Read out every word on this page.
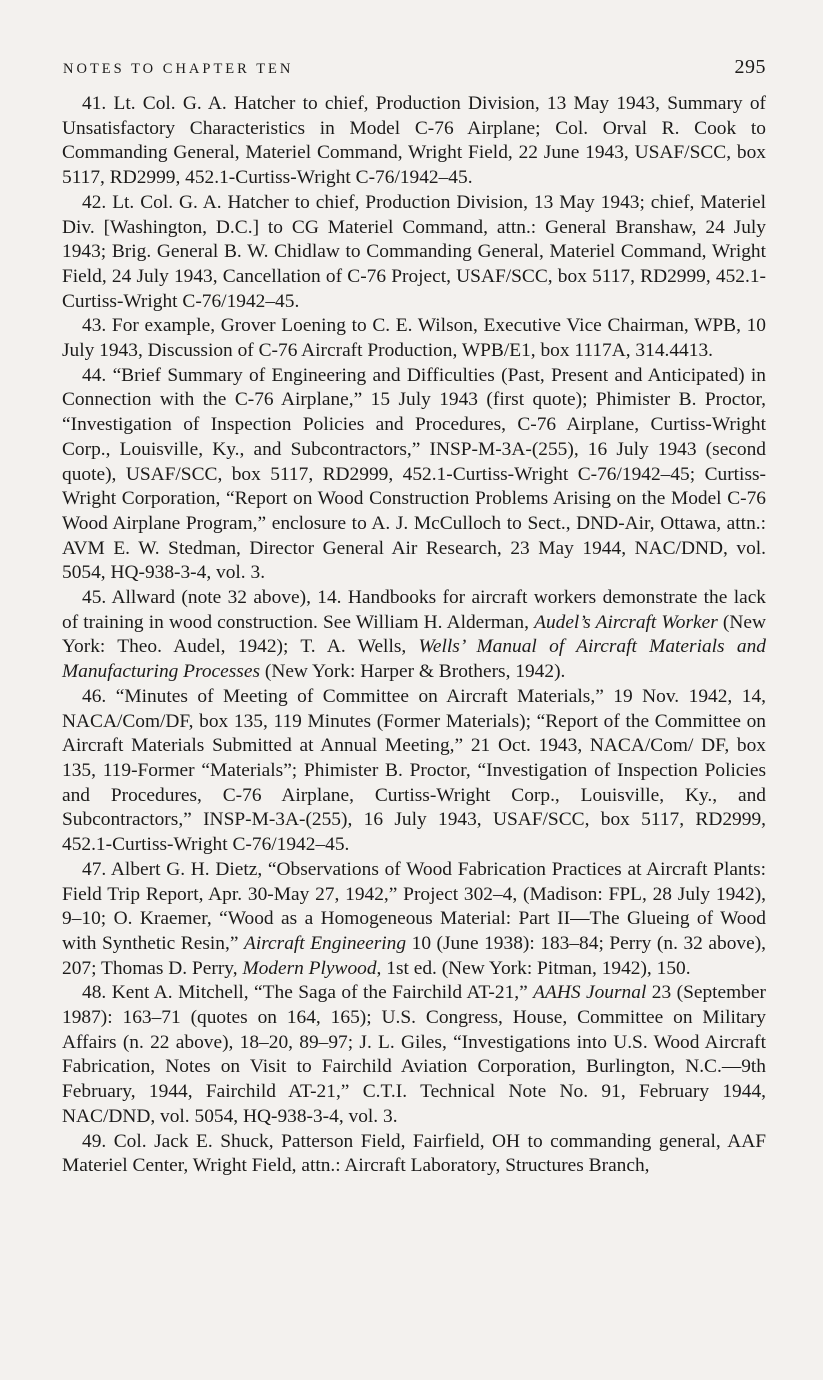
NOTES TO CHAPTER TEN	295

41. Lt. Col. G. A. Hatcher to chief, Production Division, 13 May 1943, Summary of Unsatisfactory Characteristics in Model C-76 Airplane; Col. Orval R. Cook to Commanding General, Materiel Command, Wright Field, 22 June 1943, USAF/SCC, box 5117, RD2999, 452.1-Curtiss-Wright C-76/1942–45.

42. Lt. Col. G. A. Hatcher to chief, Production Division, 13 May 1943; chief, Materiel Div. [Washington, D.C.] to CG Materiel Command, attn.: General Branshaw, 24 July 1943; Brig. General B. W. Chidlaw to Commanding General, Materiel Command, Wright Field, 24 July 1943, Cancellation of C-76 Project, USAF/SCC, box 5117, RD2999, 452.1-Curtiss-Wright C-76/1942–45.

43. For example, Grover Loening to C. E. Wilson, Executive Vice Chairman, WPB, 10 July 1943, Discussion of C-76 Aircraft Production, WPB/E1, box 1117A, 314.4413.

44. “Brief Summary of Engineering and Difficulties (Past, Present and Anticipated) in Connection with the C-76 Airplane,” 15 July 1943 (first quote); Phimister B. Proctor, “Investigation of Inspection Policies and Procedures, C-76 Airplane, Curtiss-Wright Corp., Louisville, Ky., and Subcontractors,” INSP-M-3A-(255), 16 July 1943 (second quote), USAF/SCC, box 5117, RD2999, 452.1-Curtiss-Wright C-76/1942–45; Curtiss-Wright Corporation, “Report on Wood Construction Problems Arising on the Model C-76 Wood Airplane Program,” enclosure to A. J. McCulloch to Sect., DND-Air, Ottawa, attn.: AVM E. W. Stedman, Director General Air Research, 23 May 1944, NAC/DND, vol. 5054, HQ-938-3-4, vol. 3.

45. Allward (note 32 above), 14. Handbooks for aircraft workers demonstrate the lack of training in wood construction. See William H. Alderman, Audel’s Aircraft Worker (New York: Theo. Audel, 1942); T. A. Wells, Wells’ Manual of Aircraft Materials and Manufacturing Processes (New York: Harper & Brothers, 1942).

46. “Minutes of Meeting of Committee on Aircraft Materials,” 19 Nov. 1942, 14, NACA/Com/DF, box 135, 119 Minutes (Former Materials); “Report of the Committee on Aircraft Materials Submitted at Annual Meeting,” 21 Oct. 1943, NACA/Com/ DF, box 135, 119-Former “Materials”; Phimister B. Proctor, “Investigation of Inspection Policies and Procedures, C-76 Airplane, Curtiss-Wright Corp., Louisville, Ky., and Subcontractors,” INSP-M-3A-(255), 16 July 1943, USAF/SCC, box 5117, RD2999, 452.1-Curtiss-Wright C-76/1942–45.

47. Albert G. H. Dietz, “Observations of Wood Fabrication Practices at Aircraft Plants: Field Trip Report, Apr. 30-May 27, 1942,” Project 302–4, (Madison: FPL, 28 July 1942), 9–10; O. Kraemer, “Wood as a Homogeneous Material: Part II—The Glueing of Wood with Synthetic Resin,” Aircraft Engineering 10 (June 1938): 183–84; Perry (n. 32 above), 207; Thomas D. Perry, Modern Plywood, 1st ed. (New York: Pitman, 1942), 150.

48. Kent A. Mitchell, “The Saga of the Fairchild AT-21,” AAHS Journal 23 (September 1987): 163–71 (quotes on 164, 165); U.S. Congress, House, Committee on Military Affairs (n. 22 above), 18–20, 89–97; J. L. Giles, “Investigations into U.S. Wood Aircraft Fabrication, Notes on Visit to Fairchild Aviation Corporation, Burlington, N.C.—9th February, 1944, Fairchild AT-21,” C.T.I. Technical Note No. 91, February 1944, NAC/DND, vol. 5054, HQ-938-3-4, vol. 3.

49. Col. Jack E. Shuck, Patterson Field, Fairfield, OH to commanding general, AAF Materiel Center, Wright Field, attn.: Aircraft Laboratory, Structures Branch,
